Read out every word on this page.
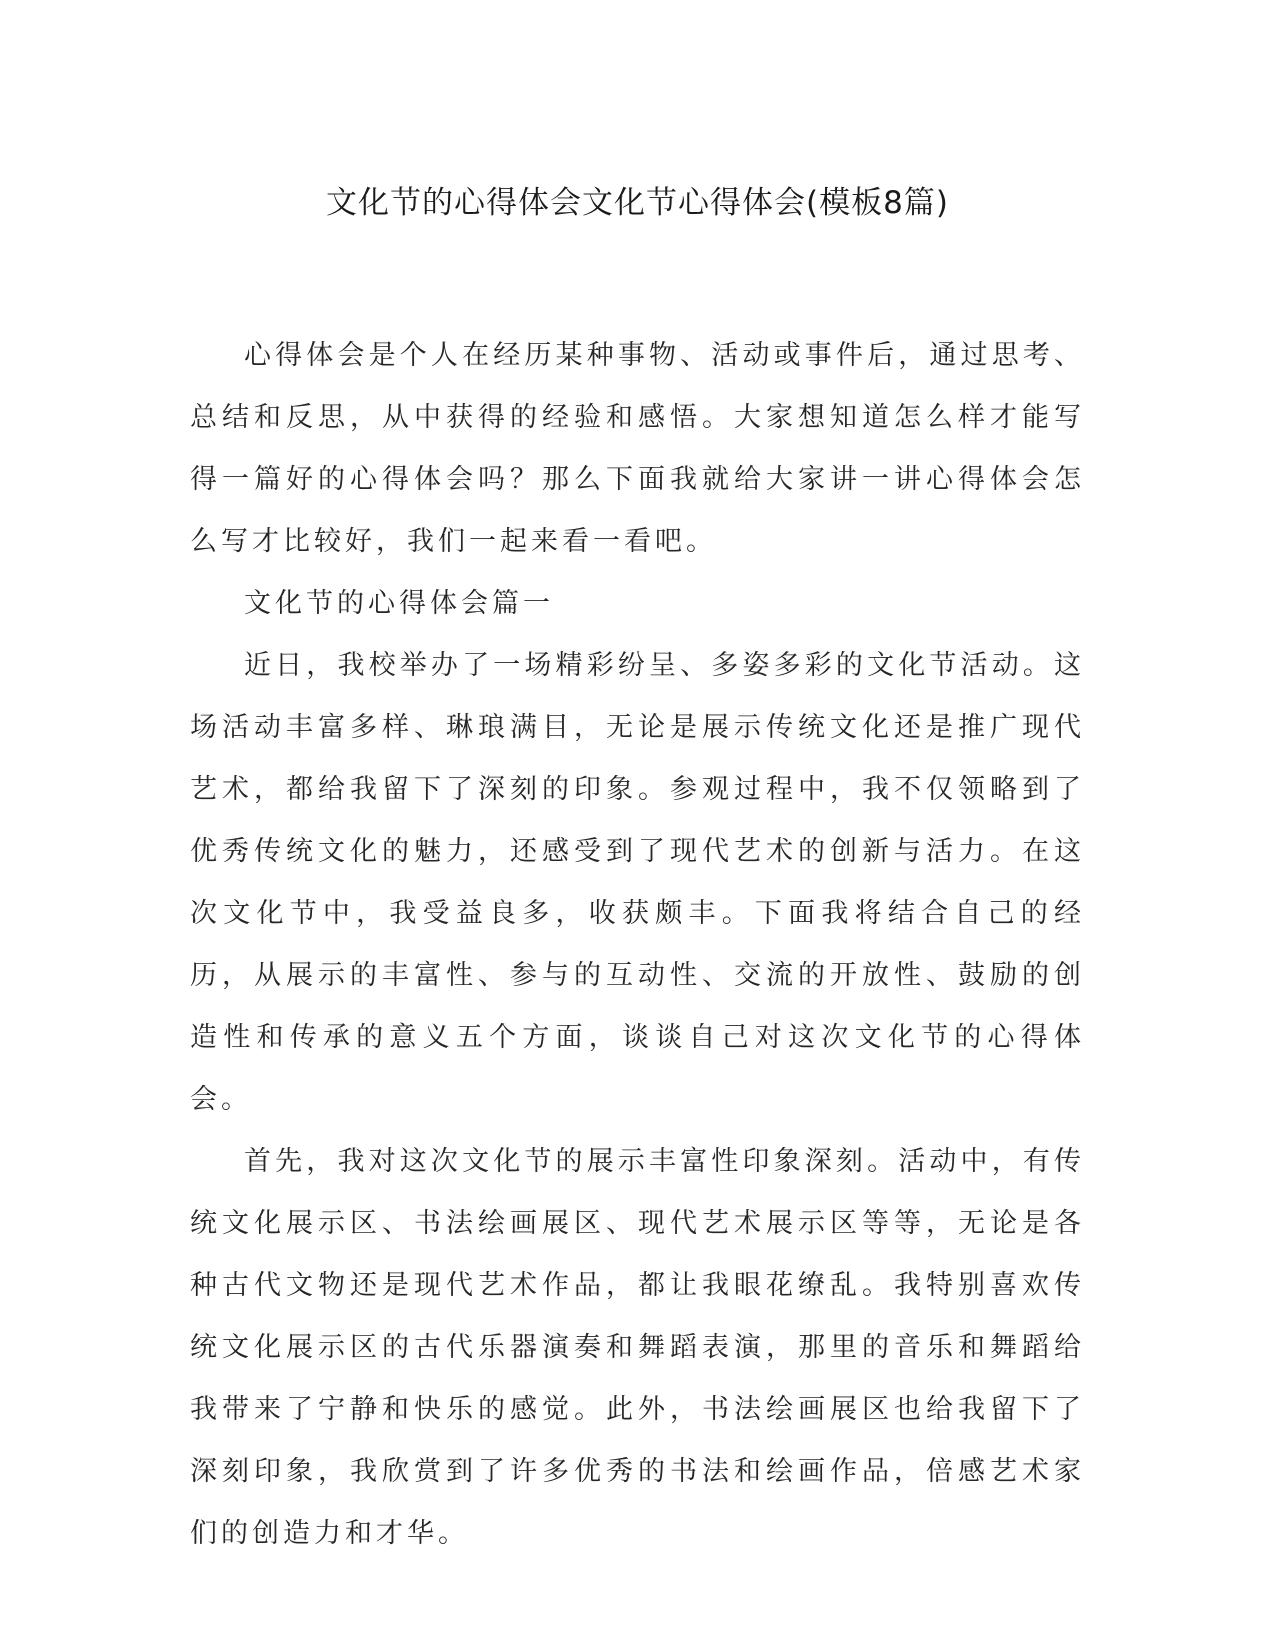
文化节的心得体会文化节心得体会(模板8篇)

心得体会是个人在经历某种事物、活动或事件后，通过思考、总结和反思，从中获得的经验和感悟。大家想知道怎么样才能写得一篇好的心得体会吗？那么下面我就给大家讲一讲心得体会怎么写才比较好，我们一起来看一看吧。

文化节的心得体会篇一

近日，我校举办了一场精彩纷呈、多姿多彩的文化节活动。这场活动丰富多样、琳琅满目，无论是展示传统文化还是推广现代艺术，都给我留下了深刻的印象。参观过程中，我不仅领略到了优秀传统文化的魅力，还感受到了现代艺术的创新与活力。在这次文化节中，我受益良多，收获颇丰。下面我将结合自己的经历，从展示的丰富性、参与的互动性、交流的开放性、鼓励的创造性和传承的意义五个方面，谈谈自己对这次文化节的心得体会。

首先，我对这次文化节的展示丰富性印象深刻。活动中，有传统文化展示区、书法绘画展区、现代艺术展示区等等，无论是各种古代文物还是现代艺术作品，都让我眼花缭乱。我特别喜欢传统文化展示区的古代乐器演奏和舞蹈表演，那里的音乐和舞蹈给我带来了宁静和快乐的感觉。此外，书法绘画展区也给我留下了深刻印象，我欣赏到了许多优秀的书法和绘画作品，倍感艺术家们的创造力和才华。
